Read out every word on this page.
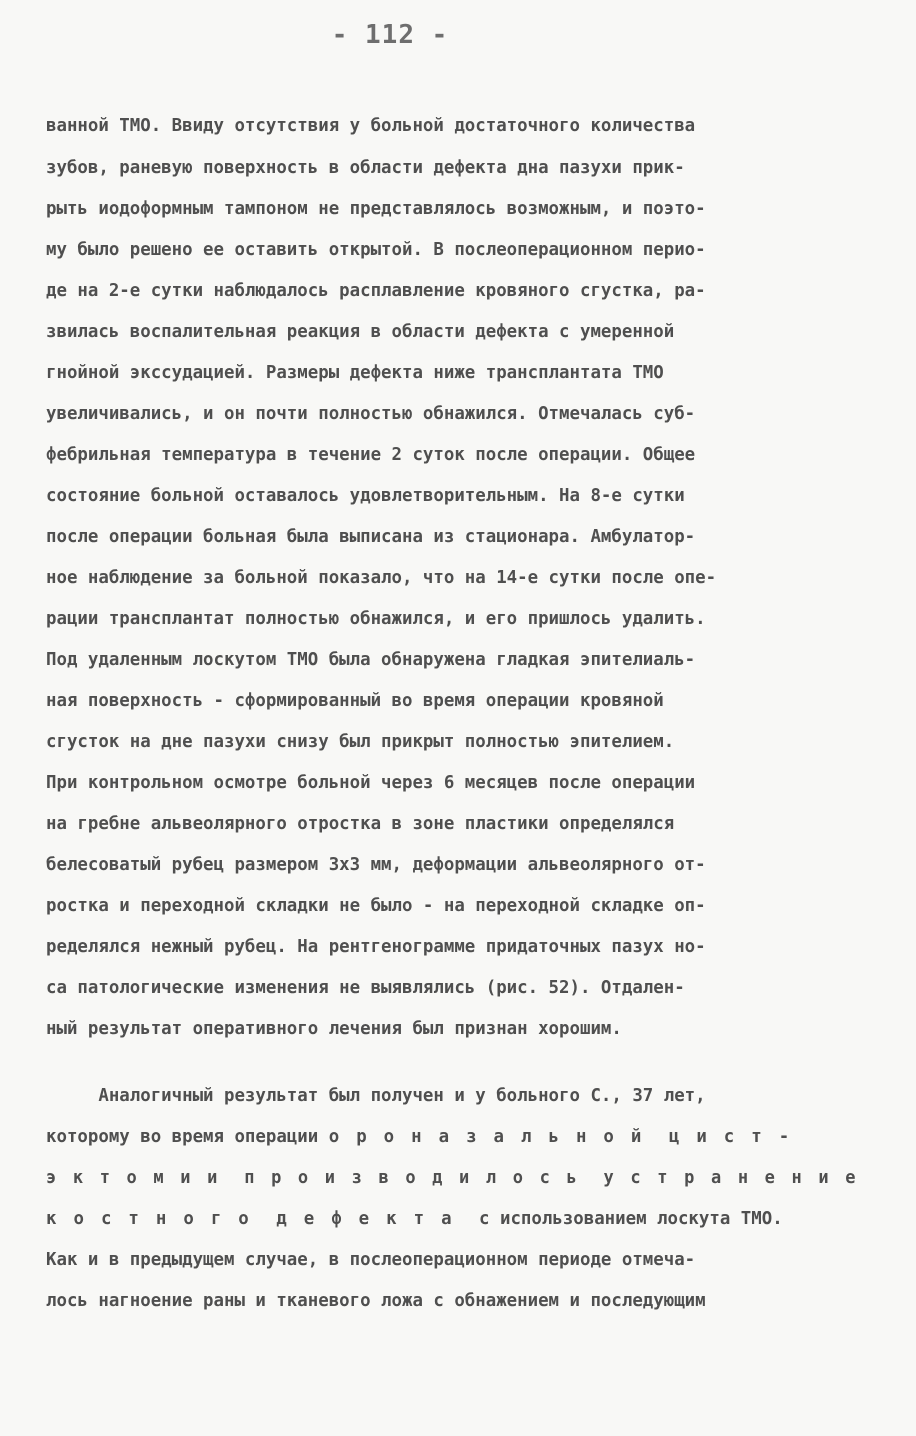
- 112 -
ванной ТМО. Ввиду отсутствия у больной достаточного количества
зубов, раневую поверхность в области дефекта дна пазухи прик-
рыть иодоформным тампоном не представлялось возможным, и поэто-
му было решено ее оставить открытой. В послеоперационном перио-
де на 2-е сутки наблюдалось расплавление кровяного сгустка, ра-
звилась воспалительная реакция в области дефекта с умеренной
гнойной экссудацией. Размеры дефекта ниже трансплантата ТМО
увеличивались, и он почти полностью обнажился. Отмечалась суб-
фебрильная температура в течение 2 суток после операции. Общее
состояние больной оставалось удовлетворительным. На 8-е сутки
после операции больная была выписана из стационара. Амбулатор-
ное наблюдение за больной показало, что на 14-е сутки после опе-
рации трансплантат полностью обнажился, и его пришлось удалить.
Под удаленным лоскутом ТМО была обнаружена гладкая эпителиаль-
ная поверхность - сформированный во время операции кровяной
сгусток на дне пазухи снизу был прикрыт полностью эпителием.
При контрольном осмотре больной через 6 месяцев после операции
на гребне альвеолярного отростка в зоне пластики определялся
белесоватый рубец размером 3х3 мм, деформации альвеолярного от-
ростка и переходной складки не было - на переходной складке оп-
ределялся нежный рубец. На рентгенограмме придаточных пазух но-
са патологические изменения не выявлялись (рис. 52). Отдален-
ный результат оперативного лечения был признан хорошим.
Аналогичный результат был получен и у больного С., 37 лет,
которому во время операции ороназальной цист-
эктомии производилось устранение
костного дефекта с использованием лоскута ТМО.
Как и в предыдущем случае, в послеоперационном периоде отмеча-
лось нагноение раны и тканевого ложа с обнажением и последующим
